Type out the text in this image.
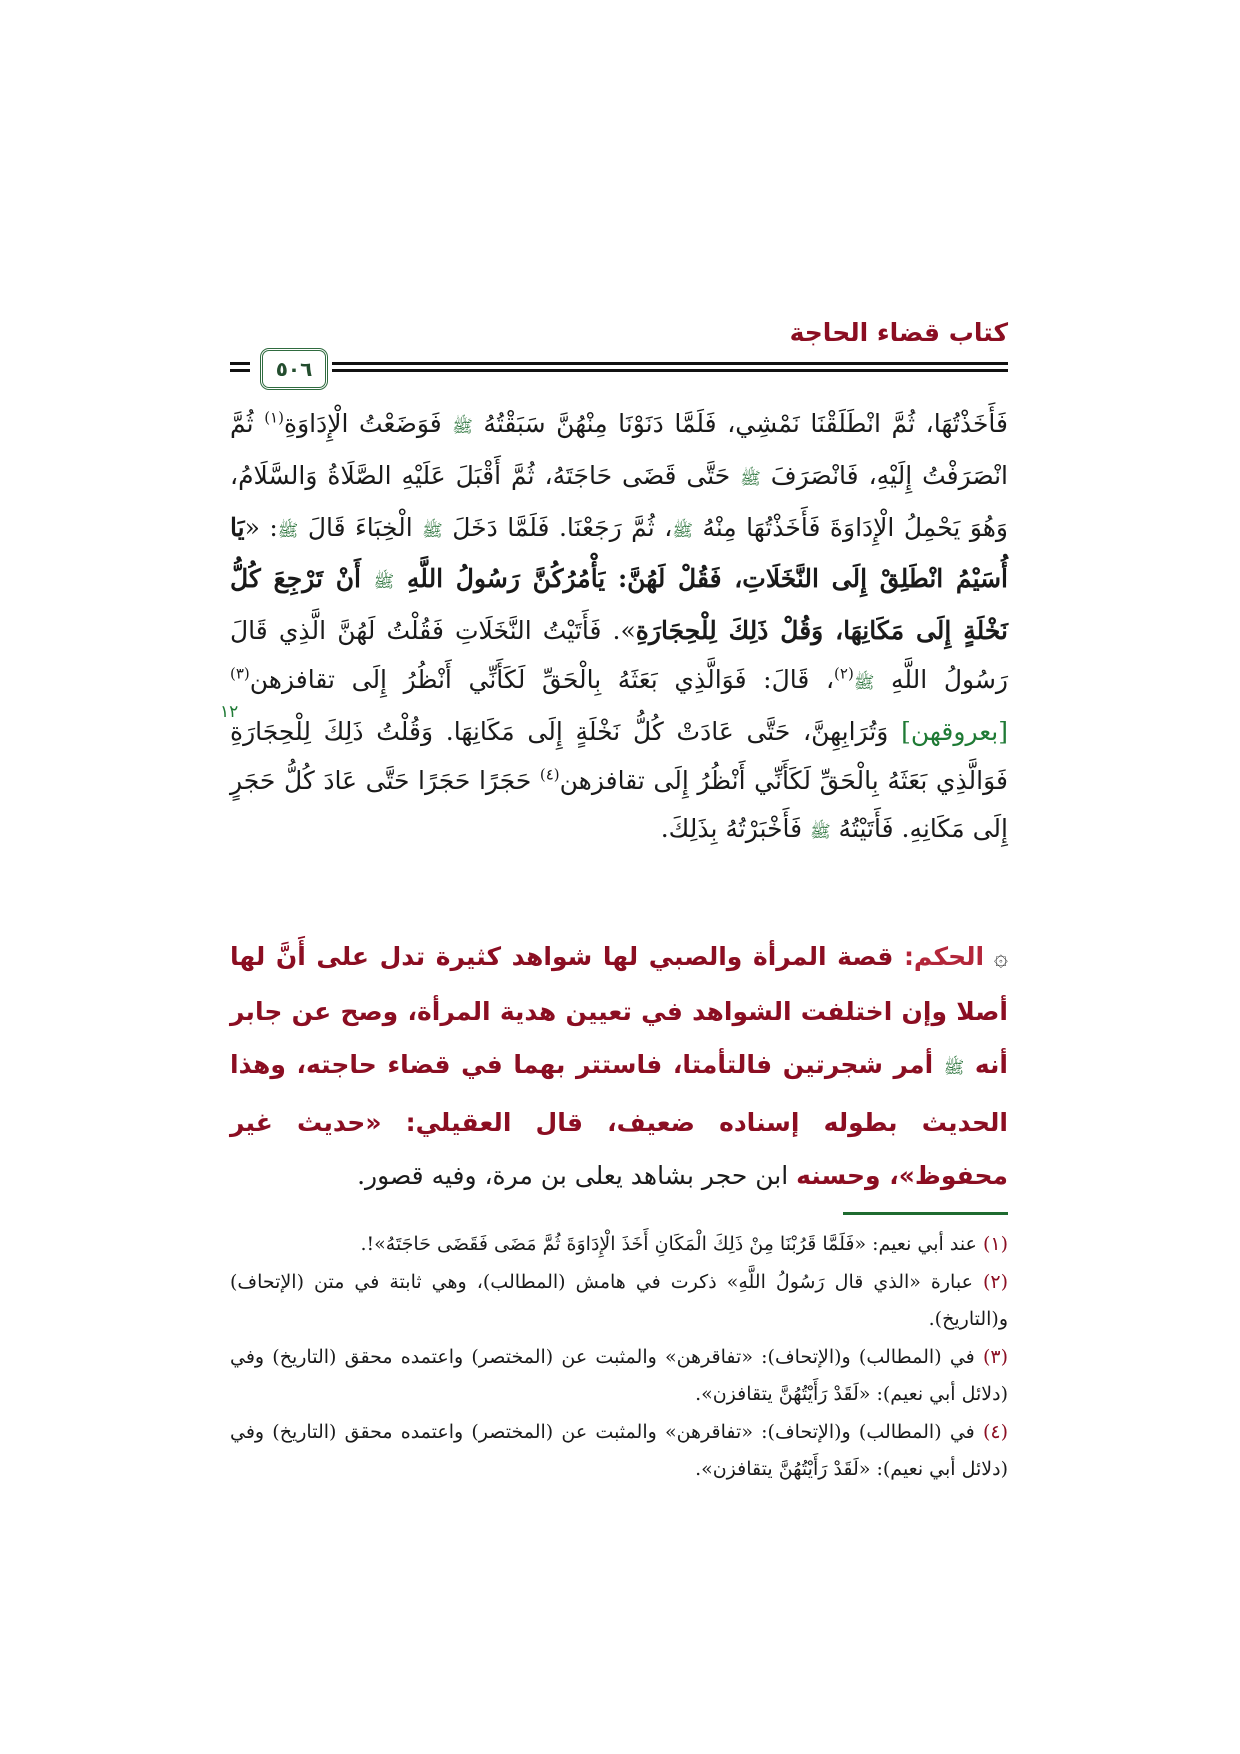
كتاب قضاء الحاجة
٥٠٦
١٢

فَأَخَذْتُهَا، ثُمَّ انْطَلَقْنَا نَمْشِي، فَلَمَّا دَنَوْنَا مِنْهُنَّ سَبَقْتُهُ ﷺ فَوَضَعْتُ الْإِدَاوَةِ$^{(١)}$ ثُمَّ انْصَرَفْتُ إِلَيْهِ، فَانْصَرَفَ ﷺ حَتَّى قَضَى حَاجَتَهُ، ثُمَّ أَقْبَلَ عَلَيْهِ الصَّلَاةُ وَالسَّلَامُ، وَهُوَ يَحْمِلُ الْإِدَاوَةَ فَأَخَذْتُهَا مِنْهُ ﷺ، ثُمَّ رَجَعْنَا. فَلَمَّا دَخَلَ ﷺ الْخِبَاءَ قَالَ ﷺ: «يَا أُسَيْمُ انْطَلِقْ إِلَى النَّخَلَاتِ، فَقُلْ لَهُنَّ: يَأْمُرُكُنَّ رَسُولُ اللَّهِ ﷺ أَنْ تَرْجِعَ كُلُّ نَخْلَةٍ إِلَى مَكَانِهَا، وَقُلْ ذَلِكَ لِلْحِجَارَةِ». فَأَتَيْتُ النَّخَلَاتِ فَقُلْتُ لَهُنَّ الَّذِي قَالَ رَسُولُ اللَّهِ ﷺ$^{(٢)}$، قَالَ: فَوَالَّذِي بَعَثَهُ بِالْحَقِّ لَكَأَنِّي أَنْظُرُ إِلَى تقافزهن$^{(٣)}$ [بعروقهن] وَتُرَابِهِنَّ، حَتَّى عَادَتْ كُلُّ نَخْلَةٍ إِلَى مَكَانِهَا. وَقُلْتُ ذَلِكَ لِلْحِجَارَةِ فَوَالَّذِي بَعَثَهُ بِالْحَقِّ لَكَأَنِّي أَنْظُرُ إِلَى تقافزهن$^{(٤)}$ حَجَرًا حَجَرًا حَتَّى عَادَ كُلُّ حَجَرٍ إِلَى مَكَانِهِ. فَأَتَيْتُهُ ﷺ فَأَخْبَرْتُهُ بِذَلِكَ.

۞ الحكم: قصة المرأة والصبي لها شواهد كثيرة تدل على أَنَّ لها أصلا وإن اختلفت الشواهد في تعيين هدية المرأة، وصح عن جابر أنه ﷺ أمر شجرتين فالتأمتا، فاستتر بهما في قضاء حاجته، وهذا الحديث بطوله إسناده ضعيف، قال العقيلي: «حديث غير محفوظ»، وحسنه ابن حجر بشاهد يعلى بن مرة، وفيه قصور.

(١) عند أبي نعيم: «فَلَمَّا قَرُبْنَا مِنْ ذَلِكَ الْمَكَانِ أَخَذَ الْإِدَاوَةَ ثُمَّ مَضَى فَقَضَى حَاجَتَهُ»!.

(٢) عبارة «الذي قال رَسُولُ اللَّهِ» ذكرت في هامش (المطالب)، وهي ثابتة في متن (الإتحاف) و(التاريخ).

(٣) في (المطالب) و(الإتحاف): «تفاقرهن» والمثبت عن (المختصر) واعتمده محقق (التاريخ) وفي (دلائل أبي نعيم): «لَقَدْ رَأَيْتُهُنَّ يتقافزن».

(٤) في (المطالب) و(الإتحاف): «تفاقرهن» والمثبت عن (المختصر) واعتمده محقق (التاريخ) وفي (دلائل أبي نعيم): «لَقَدْ رَأَيْتُهُنَّ يتقافزن».
